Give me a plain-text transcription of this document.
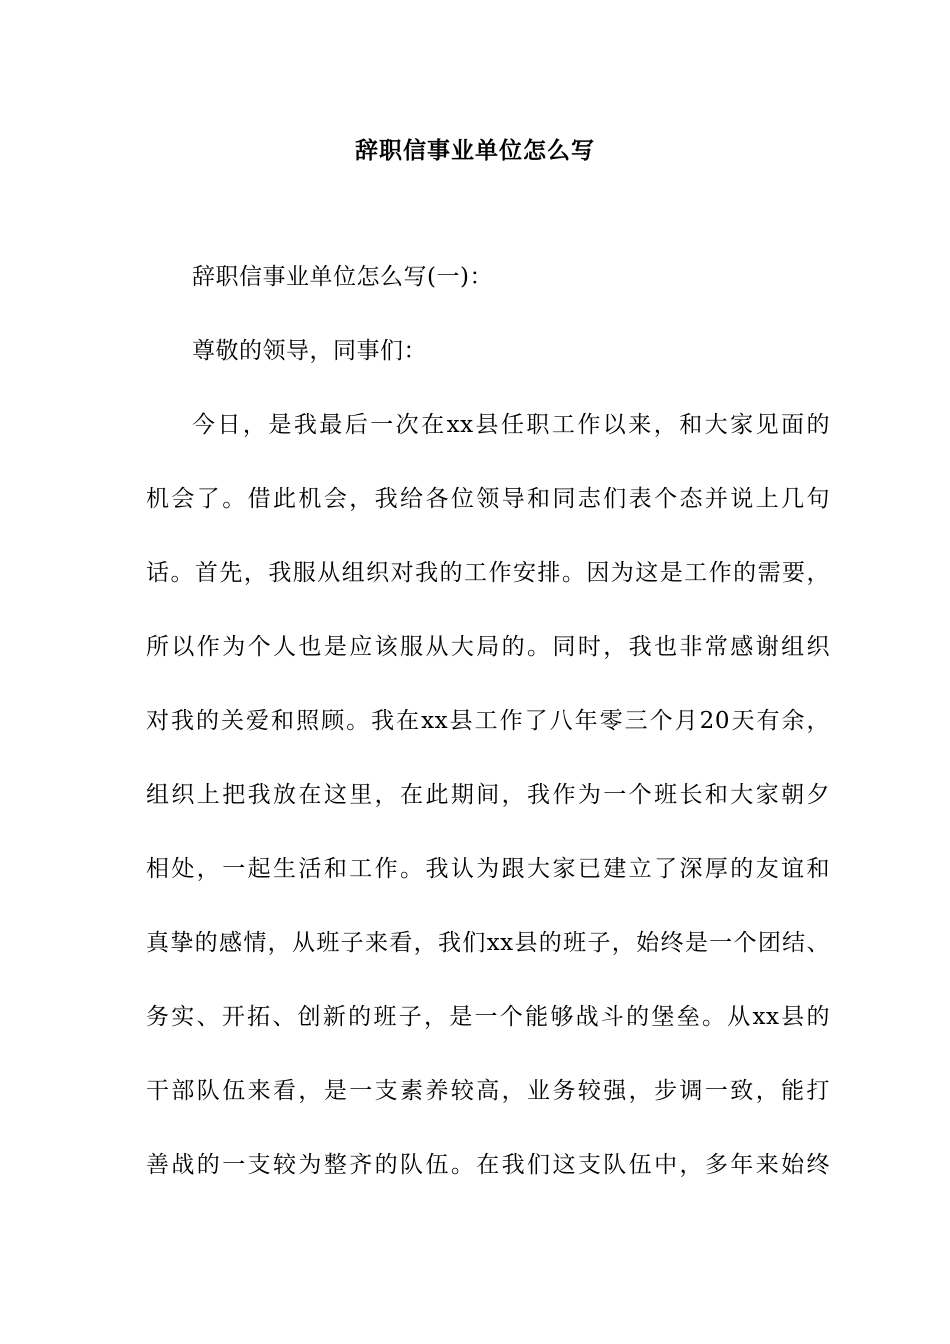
辞职信事业单位怎么写
辞职信事业单位怎么写(一)：
尊敬的领导，同事们：
今日，是我最后一次在xx县任职工作以来，和大家见面的
机会了。借此机会，我给各位领导和同志们表个态并说上几句
话。首先，我服从组织对我的工作安排。因为这是工作的需要，
所以作为个人也是应该服从大局的。同时，我也非常感谢组织
对我的关爱和照顾。我在xx县工作了八年零三个月20天有余，
组织上把我放在这里，在此期间，我作为一个班长和大家朝夕
相处，一起生活和工作。我认为跟大家已建立了深厚的友谊和
真挚的感情，从班子来看，我们xx县的班子，始终是一个团结、
务实、开拓、创新的班子，是一个能够战斗的堡垒。从xx县的
干部队伍来看，是一支素养较高，业务较强，步调一致，能打
善战的一支较为整齐的队伍。在我们这支队伍中，多年来始终
